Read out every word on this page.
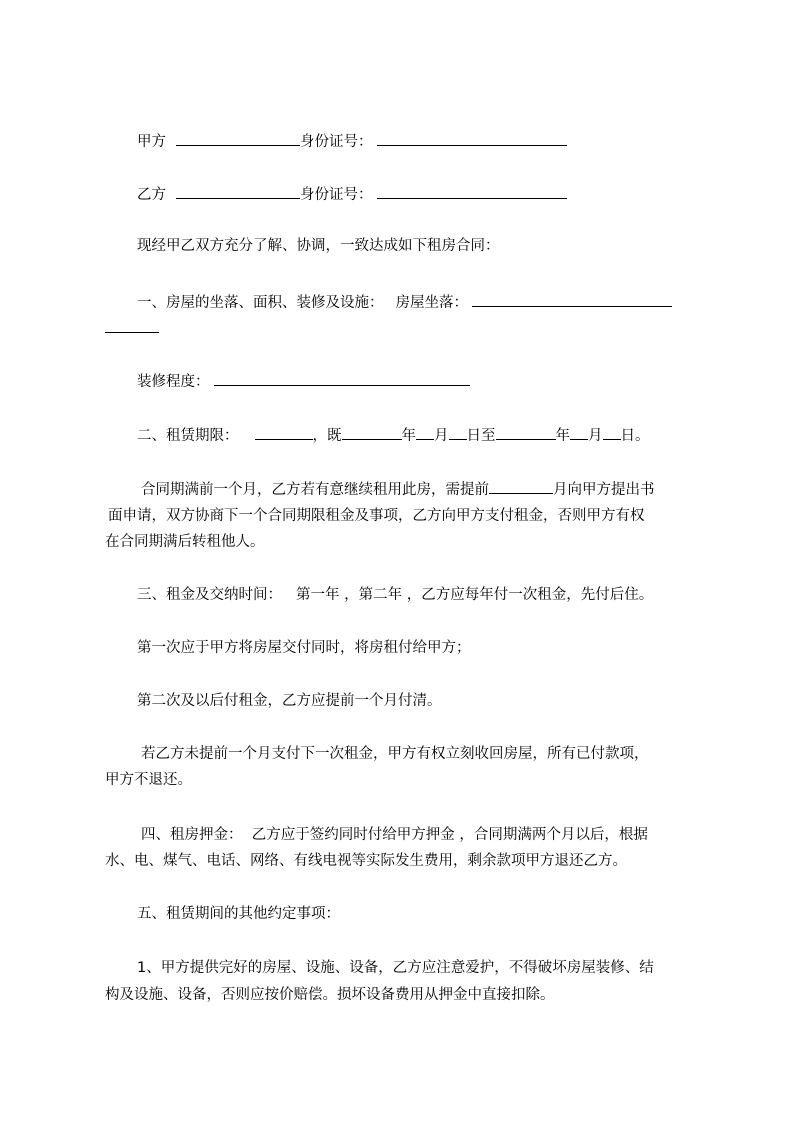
甲方	身份证号：
乙方	身份证号：

现经甲乙双方充分了解、协调，一致达成如下租房合同：

一、房屋的坐落、面积、装修及设施： 房屋坐落：
装修程度：
二、租赁期限：	，既	年 月 日至	年 月 日。
合同期满前一个月，乙方若有意继续租用此房，需提前	月向甲方提出书

面申请，双方协商下一个合同期限租金及事项，乙方向甲方支付租金，否则甲方有权

在合同期满后转租他人。

三、租金及交纳时间： 第一年 ，第二年 ，乙方应每年付一次租金，先付后住。

第一次应于甲方将房屋交付同时，将房租付给甲方；

第二次及以后付租金，乙方应提前一个月付清。

若乙方未提前一个月支付下一次租金，甲方有权立刻收回房屋，所有已付款项，

甲方不退还。

四、租房押金：  乙方应于签约同时付给甲方押金 ，合同期满两个月以后，根据

水、电、煤气、电话、网络、有线电视等实际发生费用，剩余款项甲方退还乙方。

五、租赁期间的其他约定事项：

1、甲方提供完好的房屋、设施、设备，乙方应注意爱护，不得破坏房屋装修、结

构及设施、设备，否则应按价赔偿。损坏设备费用从押金中直接扣除。
